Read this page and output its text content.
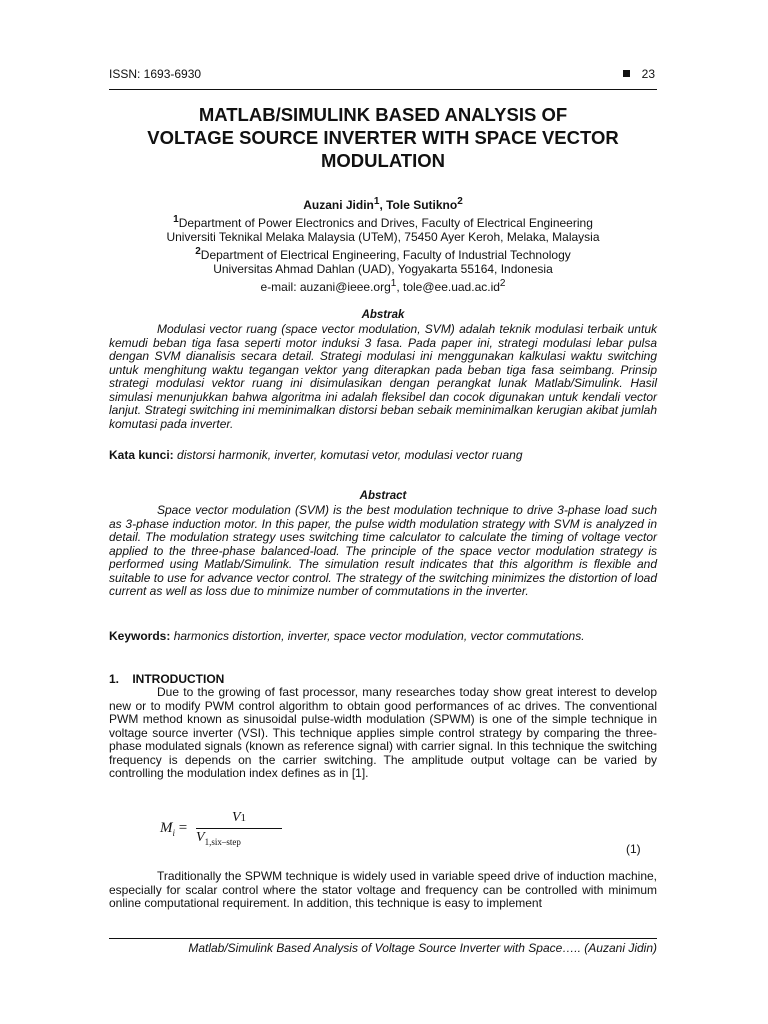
ISSN: 1693-6930	23
MATLAB/SIMULINK BASED ANALYSIS OF
VOLTAGE SOURCE INVERTER WITH SPACE VECTOR
MODULATION
Auzani Jidin$^1$, Tole Sutikno$^2$
$^1$Department of Power Electronics and Drives, Faculty of Electrical Engineering
Universiti Teknikal Melaka Malaysia (UTeM), 75450 Ayer Keroh, Melaka, Malaysia
$^2$Department of Electrical Engineering, Faculty of Industrial Technology
Universitas Ahmad Dahlan (UAD), Yogyakarta 55164, Indonesia
e-mail: auzani@ieee.org$^1$, $tole@ee.uad.ac.id^2$
Abstrak
Modulasi vector ruang (space vector modulation, SVM) adalah teknik modulasi terbaik untuk kemudi beban tiga fasa seperti motor induksi 3 fasa. Pada paper ini, strategi modulasi lebar pulsa dengan SVM dianalisis secara detail. Strategi modulasi ini menggunakan kalkulasi waktu switching untuk menghitung waktu tegangan vektor yang diterapkan pada beban tiga fasa seimbang. Prinsip strategi modulasi vektor ruang ini disimulasikan dengan perangkat lunak Matlab/Simulink. Hasil simulasi menunjukkan bahwa algoritma ini adalah fleksibel dan cocok digunakan untuk kendali vector lanjut. Strategi switching ini meminimalkan distorsi beban sebaik meminimalkan kerugian akibat jumlah komutasi pada inverter.
Kata kunci: distorsi harmonik, inverter, komutasi vetor, modulasi vector ruang
Abstract
Space vector modulation (SVM) is the best modulation technique to drive 3-phase load such as 3-phase induction motor. In this paper, the pulse width modulation strategy with SVM is analyzed in detail. The modulation strategy uses switching time calculator to calculate the timing of voltage vector applied to the three-phase balanced-load. The principle of the space vector modulation strategy is performed using Matlab/Simulink. The simulation result indicates that this algorithm is flexible and suitable to use for advance vector control. The strategy of the switching minimizes the distortion of load current as well as loss due to minimize number of commutations in the inverter.
Keywords: harmonics distortion, inverter, space vector modulation, vector commutations.
1.    INTRODUCTION
Due to the growing of fast processor, many researches today show great interest to develop new or to modify PWM control algorithm to obtain good performances of ac drives. The conventional PWM method known as sinusoidal pulse-width modulation (SPWM) is one of the simple technique in voltage source inverter (VSI). This technique applies simple control strategy by comparing the three-phase modulated signals (known as reference signal) with carrier signal. In this technique the switching frequency is depends on the carrier switching. The amplitude output voltage can be varied by controlling the modulation index defines as in [1].
$M_i$ =
V1
$V_{1,six-step}$
(1)
Traditionally the SPWM technique is widely used in variable speed drive of induction machine, especially for scalar control where the stator voltage and frequency can be controlled with minimum online computational requirement. In addition, this technique is easy to implement
Matlab/Simulink Based Analysis of Voltage Source Inverter with Space….. (Auzani Jidin)
